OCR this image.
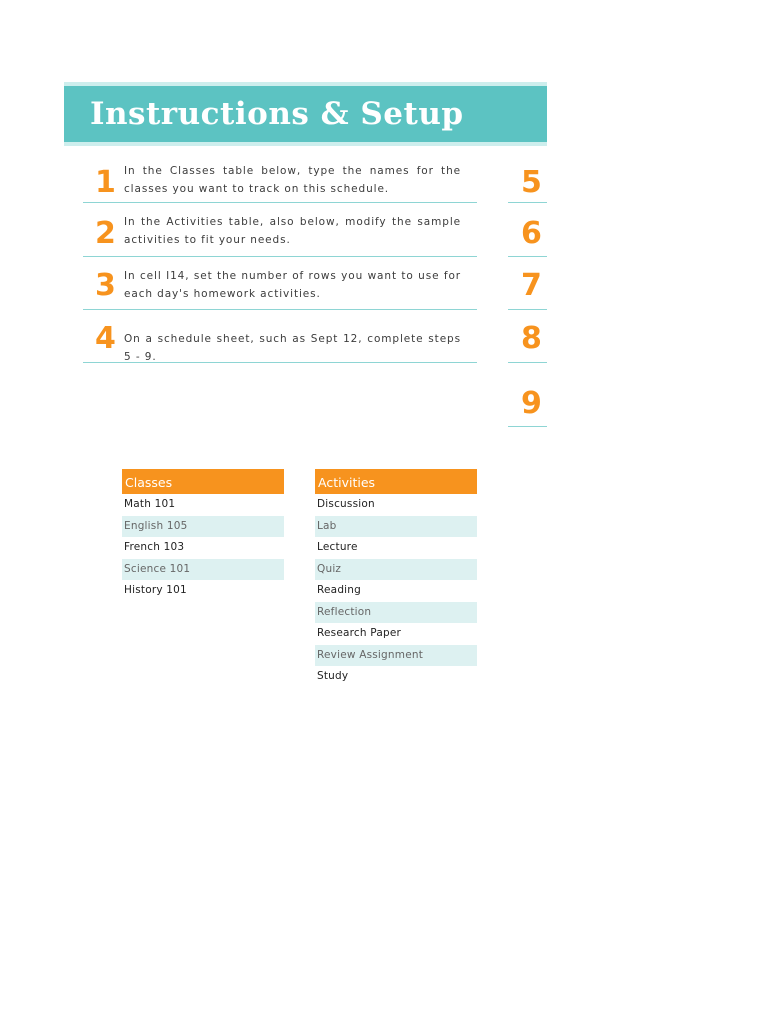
Instructions & Setup
1 In the Classes table below, type the names for the classes you want to track on this schedule.
2 In the Activities table, also below, modify the sample activities to fit your needs.
3 In cell I14, set the number of rows you want to use for each day's homework activities.
4 On a schedule sheet, such as Sept 12, complete steps 5 - 9.
5
6
7
8
9
Classes
Math 101
English 105
French 103
Science 101
History 101
Activities
Discussion
Lab
Lecture
Quiz
Reading
Reflection
Research Paper
Review Assignment
Study
